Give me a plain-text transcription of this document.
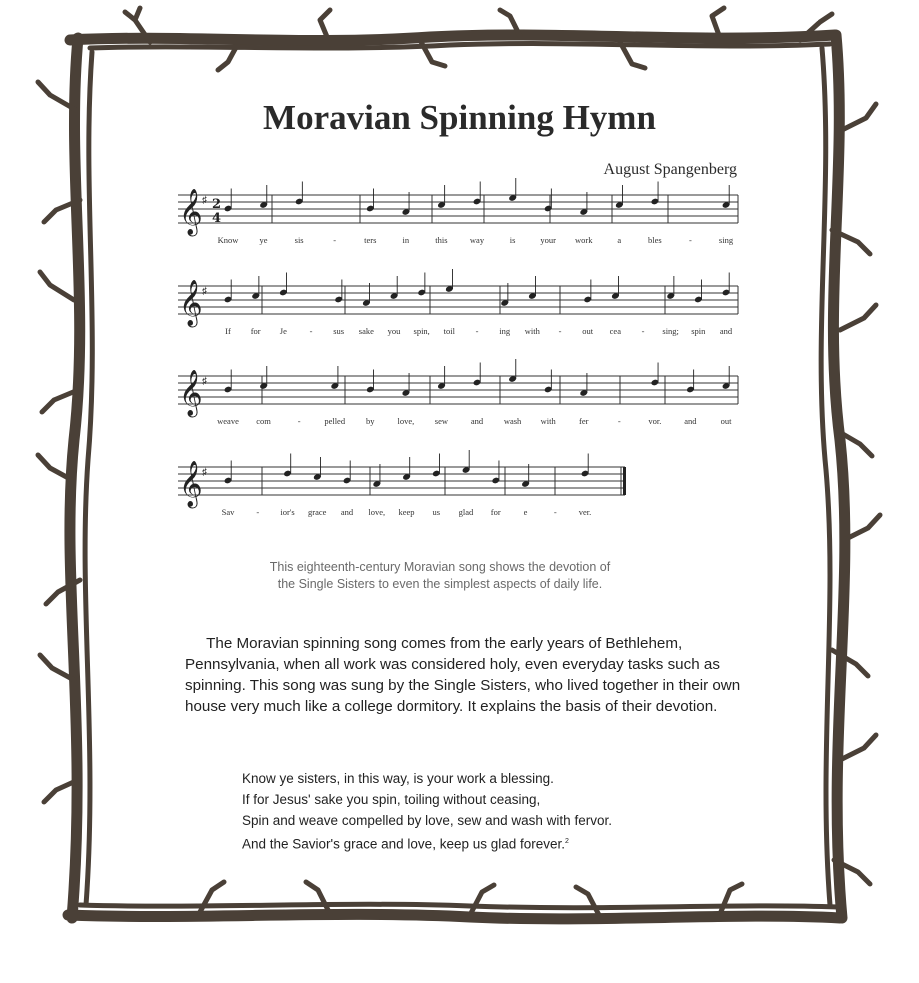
Moravian Spinning Hymn
August Spangenberg
𝄞 ♯ 2
4
Know ye	sis	-	ters	in	this	way	is	your work	a	bles	-	sing
𝄞 ♯
If for Je	- sus sake you spin, toil - ing with - out cea - sing; spin and
𝄞 ♯
weave com	-	pelled by	love, sew	and wash with	fer	-	vor.	and	out
𝄞 ♯
Sav	- ior's grace and love, keep us glad for	e	-	ver.
This eighteenth-century Moravian song shows the devotion of
the Single Sisters to even the simplest aspects of daily life.

The Moravian spinning song comes from the early years of Bethlehem, Pennsylvania, when all work was considered holy, even everyday tasks such as spinning. This song was sung by the Single Sisters, who lived together in their own house very much like a college dormitory. It explains the basis of their devotion.

Know ye sisters, in this way, is your work a blessing.
If for Jesus' sake you spin, toiling without ceasing,
Spin and weave compelled by love, sew and wash with fervor.
And the Savior's grace and love, keep us glad forever.$^2$
